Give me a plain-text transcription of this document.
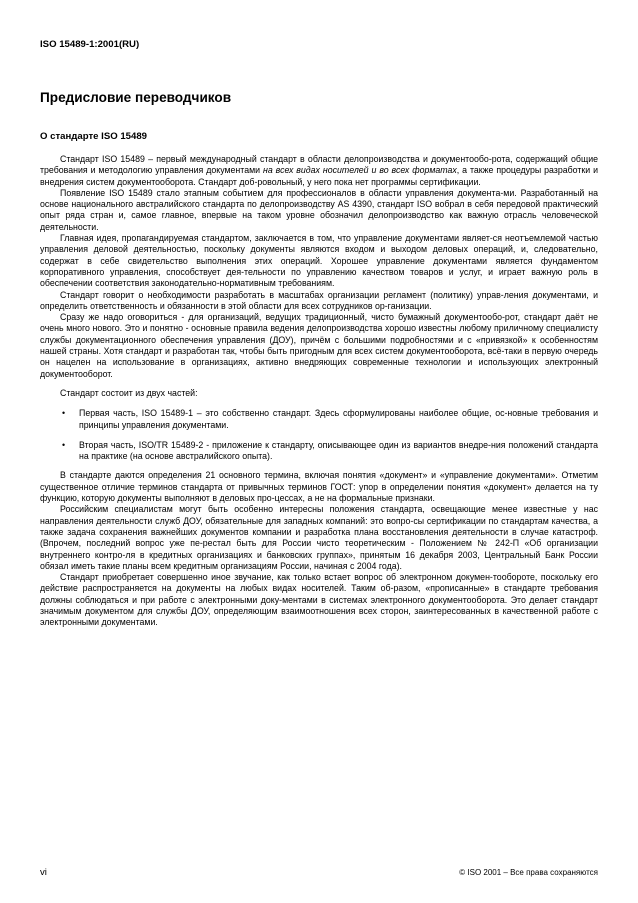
ISO 15489-1:2001(RU)
Предисловие переводчиков
О стандарте ISO 15489

Стандарт ISO 15489 – первый международный стандарт в области делопроизводства и документообо-рота, содержащий общие требования и методологию управления документами на всех видах носителей и во всех форматах, а также процедуры разработки и внедрения систем документооборота. Стандарт доб-ровольный, у него пока нет программы сертификации.

Появление ISO 15489 стало этапным событием для профессионалов в области управления документа-ми. Разработанный на основе национального австралийского стандарта по делопроизводству AS 4390, стандарт ISO вобрал в себя передовой практический опыт ряда стран и, самое главное, впервые на таком уровне обозначил делопроизводство как важную отрасль человеческой деятельности.

Главная идея, пропагандируемая стандартом, заключается в том, что управление документами являет-ся неотъемлемой частью управления деловой деятельностью, поскольку документы являются входом и выходом деловых операций, и, следовательно, содержат в себе свидетельство выполнения этих операций. Хорошее управление документами является фундаментом корпоративного управления, способствует дея-тельности по управлению качеством товаров и услуг, и играет важную роль в обеспечении соответствия законодательно-нормативным требованиям.

Стандарт говорит о необходимости разработать в масштабах организации регламент (политику) управ-ления документами, и определить ответственность и обязанности в этой области для всех сотрудников ор-ганизации.

Сразу же надо оговориться - для организаций, ведущих традиционный, чисто бумажный документообо-рот, стандарт даёт не очень много нового. Это и понятно - основные правила ведения делопроизводства хорошо известны любому приличному специалисту службы документационного обеспечения управления (ДОУ), причём с большими подробностями и с «привязкой» к особенностям нашей страны. Хотя стандарт и разработан так, чтобы быть пригодным для всех систем документооборота, всё-таки в первую очередь он нацелен на использование в организациях, активно внедряющих современные технологии и использующих электронный документооборот.

Стандарт состоит из двух частей:

• Первая часть, ISO 15489-1 – это собственно стандарт. Здесь сформулированы наиболее общие, ос-новные требования и принципы управления документами.
• Вторая часть, ISO/TR 15489-2 - приложение к стандарту, описывающее один из вариантов внедре-ния положений стандарта на практике (на основе австралийского опыта).

В стандарте даются определения 21 основного термина, включая понятия «документ» и «управление документами». Отметим существенное отличие терминов стандарта от привычных терминов ГОСТ: упор в определении понятия «документ» делается на ту функцию, которую документы выполняют в деловых про-цессах, а не на формальные признаки.

Российским специалистам могут быть особенно интересны положения стандарта, освещающие менее известные у нас направления деятельности служб ДОУ, обязательные для западных компаний: это вопро-сы сертификации по стандартам качества, а также задача сохранения важнейших документов компании и разработка плана восстановления деятельности в случае катастроф. (Впрочем, последний вопрос уже пе-рестал быть для России чисто теоретическим - Положением № 242-П «Об организации внутреннего контро-ля в кредитных организациях и банковских группах», принятым 16 декабря 2003, Центральный Банк России обязал иметь такие планы всем кредитным организациям России, начиная с 2004 года).

Стандарт приобретает совершенно иное звучание, как только встает вопрос об электронном докумен-тообороте, поскольку его действие распространяется на документы на любых видах носителей. Таким об-разом, «прописанные» в стандарте требования должны соблюдаться и при работе с электронными доку-ментами в системах электронного документооборота. Это делает стандарт значимым документом для службы ДОУ, определяющим взаимоотношения всех сторон, заинтересованных в качественной работе с электронными документами.

vi	© ISO 2001 – Все права сохраняются
